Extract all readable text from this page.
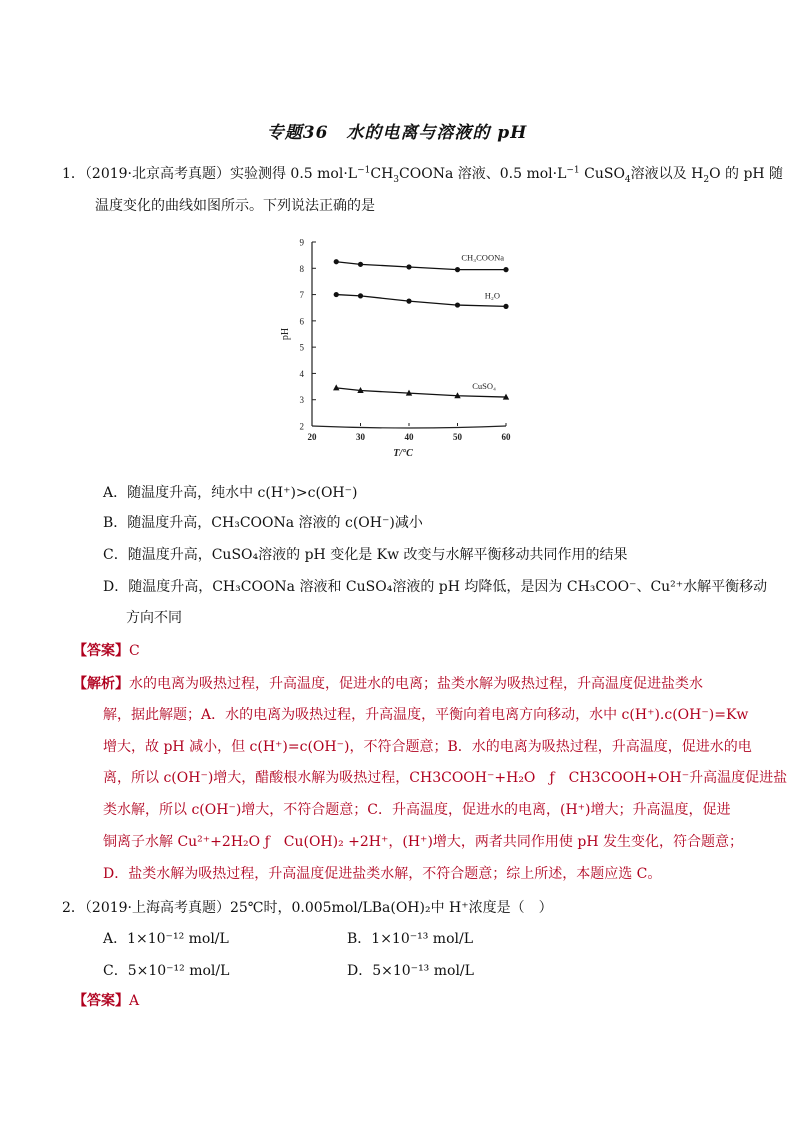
专题36　水的电离与溶液的 pH
1．（2019·北京高考真题）实验测得 0.5 $mol\cdot L^{-1}CH_3COONa$ 溶液、0.5 $mol\cdot L^{-1}$ CuSO$_4$溶液以及 $H_2O$ 的 pH 随
温度变化的曲线如图所示。下列说法正确的是
2
3
4
5
6
7
8
9
20	30	40	50	60
pH
T/°C
CH₃COONa
H₂O
CuSO₄
A．随温度升高，纯水中 c(H⁺)>c(OH⁻)
B．随温度升高，CH₃COONa 溶液的 c(OH⁻)减小
C．随温度升高，CuSO₄溶液的 pH 变化是 Kw 改变与水解平衡移动共同作用的结果
D．随温度升高，CH₃COONa 溶液和 CuSO₄溶液的 pH 均降低，是因为 CH₃COO⁻、Cu²⁺水解平衡移动
方向不同
【答案】C
【解析】水的电离为吸热过程，升高温度，促进水的电离；盐类水解为吸热过程，升高温度促进盐类水
解，据此解题；A．水的电离为吸热过程，升高温度，平衡向着电离方向移动，水中 c(H⁺).c(OH⁻)=Kw
增大，故 pH 减小，但 c(H⁺)=c(OH⁻)，不符合题意；B．水的电离为吸热过程，升高温度，促进水的电
离，所以 c(OH⁻)增大，醋酸根水解为吸热过程，CH3COOH⁻+H₂O　ƒ　CH3COOH+OH⁻升高温度促进盐
类水解，所以 c(OH⁻)增大，不符合题意；C．升高温度，促进水的电离，(H⁺)增大；升高温度，促进
铜离子水解 Cu²⁺+2H₂O ƒ　Cu(OH)₂ +2H⁺，(H⁺)增大，两者共同作用使 pH 发生变化，符合题意；
D．盐类水解为吸热过程，升高温度促进盐类水解，不符合题意；综上所述，本题应选 C。
2．（2019·上海高考真题）25℃时，0.005mol/LBa(OH)₂中 H⁺浓度是（　）
A．1×10⁻¹² mol/L	B．1×10⁻¹³ mol/L
C．5×10⁻¹² mol/L	D．5×10⁻¹³ mol/L
【答案】A
